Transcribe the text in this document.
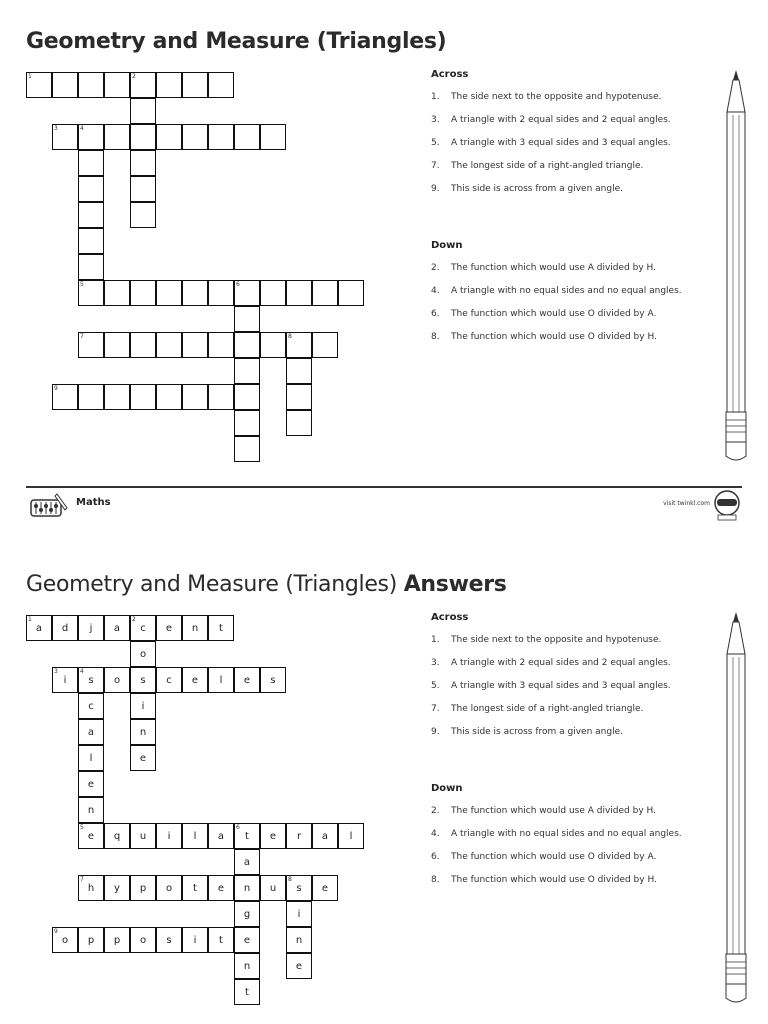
Geometry and Measure (Triangles)
1	2
3	4
5	6
7	8
9
Across
1.	The side next to the opposite and hypotenuse.
3.	A triangle with 2 equal sides and 2 equal angles.
5.	A triangle with 3 equal sides and 3 equal angles.
7.	The longest side of a right-angled triangle.
9.	This side is across from a given angle.
Down
2.	The function which would use A divided by H.
4.	A triangle with no equal sides and no equal angles.
6.	The function which would use O divided by A.
8.	The function which would use O divided by H.
Maths	visit twinkl.com
Geometry and Measure (Triangles) Answers
1
a	d	j	a
2
c	e	n	t
o
s
i
n
e
3
i
4
s	o	c	e	l	e	s
c
a
l
e
n
5
e	q	u	i	l	a
6
t	e	r	a	l
a
n
g
e
n
t
7
h	y	p	o	t	e	u
8
s	e
i
n
e
9
o	p	p	o	s	i	t
Across
1.	The side next to the opposite and hypotenuse.
3.	A triangle with 2 equal sides and 2 equal angles.
5.	A triangle with 3 equal sides and 3 equal angles.
7.	The longest side of a right-angled triangle.
9.	This side is across from a given angle.
Down
2.	The function which would use A divided by H.
4.	A triangle with no equal sides and no equal angles.
6.	The function which would use O divided by A.
8.	The function which would use O divided by H.
